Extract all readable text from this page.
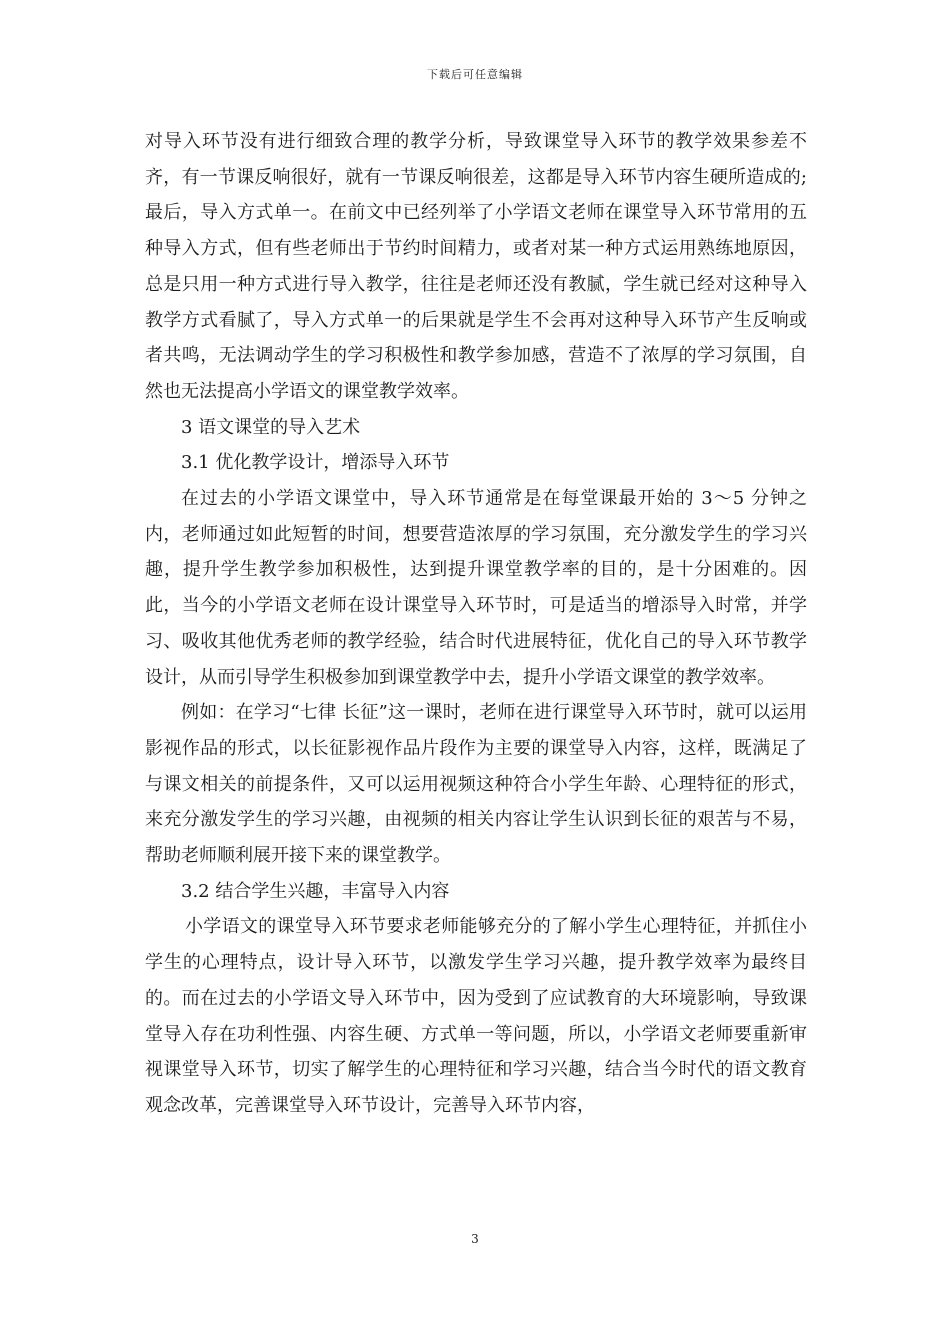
下载后可任意编辑

对导入环节没有进行细致合理的教学分析，导致课堂导入环节的教学效果参差不齐，有一节课反响很好，就有一节课反响很差，这都是导入环节内容生硬所造成的;最后，导入方式单一。在前文中已经列举了小学语文老师在课堂导入环节常用的五种导入方式，但有些老师出于节约时间精力，或者对某一种方式运用熟练地原因，总是只用一种方式进行导入教学，往往是老师还没有教腻，学生就已经对这种导入教学方式看腻了，导入方式单一的后果就是学生不会再对这种导入环节产生反响或者共鸣，无法调动学生的学习积极性和教学参加感，营造不了浓厚的学习氛围，自然也无法提高小学语文的课堂教学效率。

3 语文课堂的导入艺术

3.1 优化教学设计，增添导入环节

在过去的小学语文课堂中，导入环节通常是在每堂课最开始的 3～5 分钟之内，老师通过如此短暂的时间，想要营造浓厚的学习氛围，充分激发学生的学习兴趣，提升学生教学参加积极性，达到提升课堂教学率的目的，是十分困难的。因此，当今的小学语文老师在设计课堂导入环节时，可是适当的增添导入时常，并学习、吸收其他优秀老师的教学经验，结合时代进展特征，优化自己的导入环节教学设计，从而引导学生积极参加到课堂教学中去，提升小学语文课堂的教学效率。

例如：在学习“七律 长征”这一课时，老师在进行课堂导入环节时，就可以运用影视作品的形式，以长征影视作品片段作为主要的课堂导入内容，这样，既满足了与课文相关的前提条件，又可以运用视频这种符合小学生年龄、心理特征的形式，来充分激发学生的学习兴趣，由视频的相关内容让学生认识到长征的艰苦与不易，帮助老师顺利展开接下来的课堂教学。

3.2 结合学生兴趣，丰富导入内容

小学语文的课堂导入环节要求老师能够充分的了解小学生心理特征，并抓住小学生的心理特点，设计导入环节，以激发学生学习兴趣，提升教学效率为最终目的。而在过去的小学语文导入环节中，因为受到了应试教育的大环境影响，导致课堂导入存在功利性强、内容生硬、方式单一等问题，所以，小学语文老师要重新审视课堂导入环节，切实了解学生的心理特征和学习兴趣，结合当今时代的语文教育观念改革，完善课堂导入环节设计，完善导入环节内容，

3
